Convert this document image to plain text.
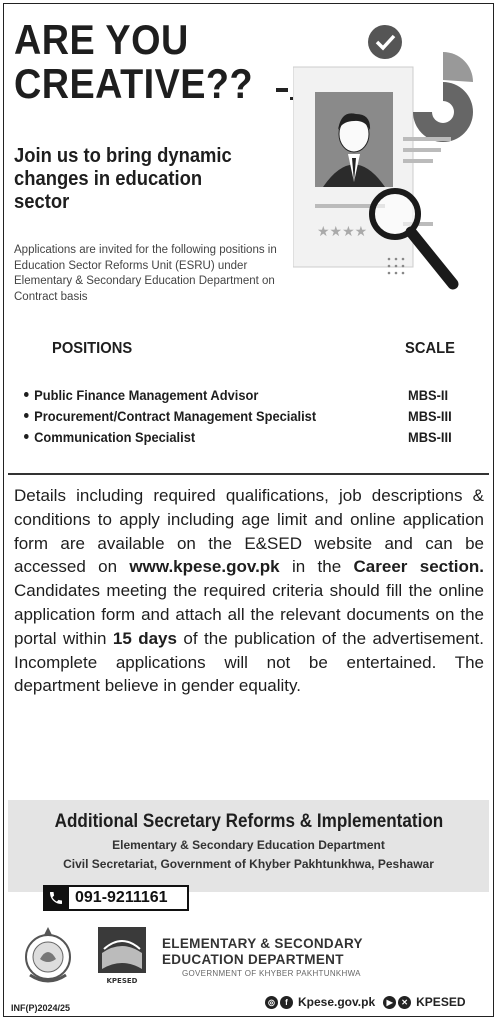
ARE YOU
CREATIVE??
Join us to bring dynamic changes in education sector
Applications are invited for the following positions in Education Sector Reforms Unit (ESRU) under Elementary & Secondary Education Department on Contract basis
★★★★
POSITIONS	SCALE
Public Finance Management Advisor	MBS-II
Procurement/Contract Management Specialist	MBS-III
Communication Specialist	MBS-III
Details including required qualifications, job descriptions & conditions to apply including age limit and online application form are available on the E&SED website and can be accessed on www.kpese.gov.pk in the Career section. Candidates meeting the required criteria should fill the online application form and attach all the relevant documents on the portal within 15 days of the publication of the advertisement. Incomplete applications will not be entertained. The department believe in gender equality.
Additional Secretary Reforms & Implementation
Elementary & Secondary Education Department
Civil Secretariat, Government of Khyber Pakhtunkhwa, Peshawar
091-9211161
KPESED
ELEMENTARY & SECONDARY
EDUCATION DEPARTMENT
GOVERNMENT OF KHYBER PAKHTUNKHWA
INF(P)2024/25
◎	f Kpese.gov.pk	▶	✕ KPESED
